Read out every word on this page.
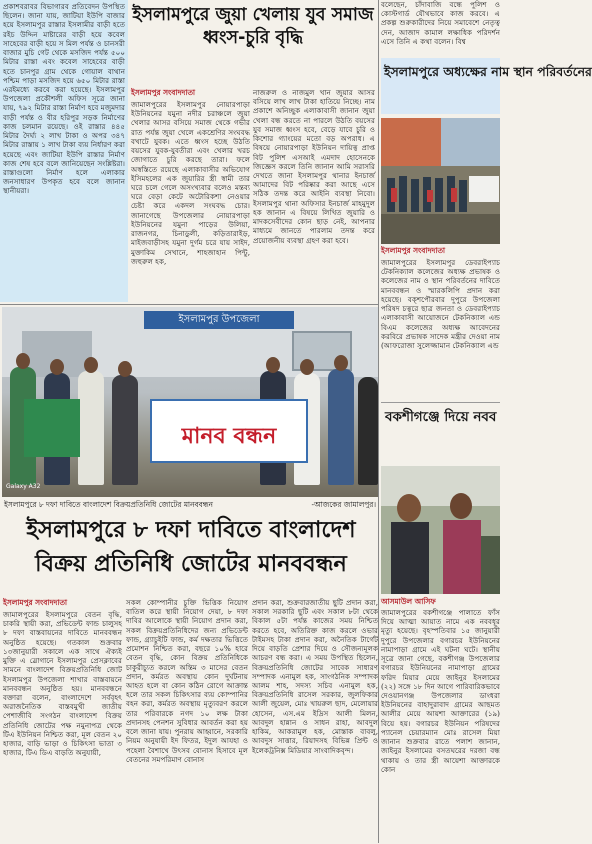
প্রকাশবরাবর বিভাগারব প্রতিবেদন উপস্থিত ছিলেন। জানা যায়, জাটিয়া ইউপি বাজার হয়ে ইসলামপুর রাস্তার ইসলামীর বাড়ী হতে রইচ উদ্দিন মাষ্টারের বাড়ী হয়ে কবেল সাহেবের বাড়ী হয়ে স মিল পর্যন্ত ও চানসরী বাজার মুচি গেট থেকে মসজিদ পর্যন্ত ৫০০ মিটার রাস্তা এবং কবেল সাহেবের বাড়ী হতে চানপুর গ্রাম থেকে গোয়াল বাথান পশ্চিম পাড়া মসজিদ হয়ে ৬৫০ মিটার রাস্তা এরইমধ্যে করবে করা হয়েছে। ইসলামপুর উপজেলা প্রকৌশলী অফিস সূত্রে জানা যায়, ৭৯২ মিটার রাস্তা নির্মাণ হবে মজুমদার বাড়ী পর্যন্ত ও বীর হরিপুর সড়ক নির্মাণের কাজ চলমান রয়েছে। ওই রাস্তার ৪৪৫ মিটার দৈর্ঘ্য ২ লাখ টাকা ও অপর ৩৪৭ মিটার রাস্তায় ১ লাখ টাকা ব্যয় নির্ধারণ করা হয়েছে এবং জাটিয়া ইউপি রাস্তার নির্মাণ কাজ শেষ হবে বলে জানিয়েছেন সংশ্লিষ্টরা। রাস্তাগুলো নির্মাণ হলে এলাকার জনসাধারণ উপকৃত হবে বলে জানান স্থানীয়রা।
ইসলামপুরে জুয়া খেলায় যুব সমাজ ধ্বংস-চুরি বৃদ্ধি
ইসলামপুর সংবাদদাতা
জামালপুরের ইসলামপুর নোয়ারপাড়া ইউনিয়নের যমুনা নদীর চরাঞ্চলে জুয়া খেলার আসর বসিয়ে সমাজ থেকে গভীর রাত পর্যন্ত জুয়া খেলে একশ্রেণির সংঘবদ্ধ বখাটে যুবক। এতে ধ্বংস হচ্ছে উঠতি বয়সের যুবক-যুবতীরা এবং খেলার খরচ জোগাতে চুরি করছে তারা। ফলে অস্বস্তিতে রয়েছে এলাকাবাসীর অভিযোগ ইসিমহলের এক জুয়ারির স্ত্রী স্বামী তার ঘরে চলে গেলে অসংখ্যবার বলেও মন্তব্য ঘরে বেড়া কেটে অটোরিকশা নেওয়ার চেষ্টা করে একদল সংঘবদ্ধ চোর। জানাগেছে উপজেলার নোয়ারপাড়া ইউনিয়নের যমুনা পাড়ের উলিয়া, রাজনগর, চিনাডুলী, কড়িতারাইড়, মাইজবাড়ীসহ যমুনা দুর্গম চরে যায় সাইদ, মুক্তাকিম সেখানে, শাহজাহান পিন্টু, জহুরুল হক,
নাজরুল ও নাজমুল খান জুয়ার আসর বসিয়ে লাখ লাখ টাকা হাতিয়ে নিচ্ছে। নাম প্রকাশে অনিচ্ছুক এলাকাবাসী জানান জুয়া খেলা বন্ধ করতে না পারলে উঠতি বয়সের যুব সমাজ ধ্বংস হবে, বেড়ে যাবে চুরি ও কিশোর গ্যাংয়ের মতো বড় অপরাধ। এ বিষয়ে নোয়ারপাড়া ইউনিয়ন দায়িত্ব প্রাপ্ত বিট পুলিশ এসআই এমদাদ হোসেনকে জিজ্ঞেস করলে তিনি জানান আমি সরাসরি দেখতে জানা ইসলামপুর থানার ইনচার্জ আমাদের বিট পরিষ্কার করা আছে এসে সঠিক তদন্ত করে আইনি ব্যবস্থা নিবো। ইসলামপুর থানা অফিসার ইনচার্জ মাহমুদুল হক জানান এ বিষয়ে লিখিত জুয়ারি ও মাদকসেবীদের কোন ছাড় নেই, আপনার মাধ্যমে জানতে পারলাম তদন্ত করে প্রয়োজনীয় ব্যবস্থা গ্রহণ করা হবে।
বলেছেন, চাঁদাবাজি বন্ধে পুলিশ ও কোস্টগার্ড যৌথভাবে কাজ করবে। এ প্রকল্প শুরুকারীদের নিয়ে সমাবেশে নেতৃত্ব দেন, আজাদ কামাল লক্ষাধিক পরিদর্শন এসে তিনি এ কথা বলেন। বিশ্ব
ইসলামপুরে অধ্যক্ষের নাম স্থান পরিবর্তনের
ইসলামপুর সংবাদদাতা
জামালপুরের ইসলামপুর ডেবরাইপ্যাচ টেকনিক্যাল কলেজের অধ্যক্ষ প্রভাষক ও কলেজের নাম ও স্থান পরিবর্তনের দাবিতে মানববন্ধন ও স্মারকলিপি প্রদান করা হয়েছে। বক্শপৌরবার দুপুরে উপজেলা পরিষদ চত্বরে ছাত্র জনতা ও ডেবরাইপ্যাচ এলাকাবাসী আয়োজনে টেকনিক্যাল এন্ড বিএম কলেজের অধ্যক্ষ আবেদনের করবিরে প্রভাষক সাদেক মন্ত্রীর দেওয়া নাম (আফরোজা সুলেজ্জামান টেকনিক্যাল এন্ড
বকশীগঞ্জে দিয়ে নবব
আসমাউল আসিফ
জামালপুরের বকশীগঞ্জে পালাতে ফাঁস দিয়ে আত্মা আয়াত নামে এক নববধূর মৃত্যু হয়েছে। বৃহস্পতিবার ১৫ জানুয়ারী দুপুরে উপজেলার বগারচর ইউনিয়নের নামাপাড়া গ্রামে এই ঘটনা ঘটে। স্থানীয় সূত্রে জানা গেছে, বকশীগঞ্জ উপজেলার বগারচর ইউনিয়নের নামাপাড়া গ্রামের ফরিদ মিয়ার মেয়ে জাইনুর ইসলামের (২২) সঙ্গে ১৮ দিন আগে পারিবারিকভাবে দেওয়ানগঞ্জ উপজেলার ডাংধরা ইউনিয়নের বাহাদুরাবাদ গ্রামের আছমত আলীর মেয়ে আয়শা আক্তারের (১৯) বিয়ে হয়। বগারচর ইউনিয়ন পরিষদের প্যানেল চেয়ারম্যান মোঃ রাসেল মিয়া জানান শুক্রবার রাতে পলাশ জানান, জাইনুর ইসলামের বসতঘরের দরজা বন্ধ থাকায় ও তার স্ত্রী আয়েশা আক্তারকে কোন
ইসলামপুর উপজেলা
মানব বন্ধন
Galaxy A32
ইসলামপুরে ৮ দফা দাবিতে বাংলাদেশ বিক্রয়প্রতিনিধি জোটের মানববন্ধন	-আজকের জামালপুর।
ইসলামপুরে ৮ দফা দাবিতে বাংলাদেশ বিক্রয় প্রতিনিধি জোটের মানববন্ধন
ইসলামপুর সংবাদদাতা
জামালপুরের ইসলামপুরে বেতন বৃদ্ধি, চাকরি স্থায়ী করা, প্রভিডেন্ট ফান্ড চালুসহ ৮ দফা বাস্তবায়নের দাবিতে মানববন্ধন অনুষ্ঠিত হয়েছে। গতকাল শুক্রবার ১৩জানুয়ারী সকালে এক সাথে ঐক্যই মুক্তি এ স্লোগানে ইসলামপুর প্রেসক্লাবের সামনে বাংলাদেশ বিক্রয়প্রতিনিধি জোট ইসলামপুর উপজেলা শাখার বাস্তবায়নে মানববন্ধন অনুষ্ঠিত হয়। মানববন্ধনে বক্তারা বলেন, বাংলাদেশে সর্ববৃহৎ অরাজনৈতিক বাস্তবমুখী জাতীয় পেশাজীবি সংগঠন বাংলাদেশ বিক্রয় প্রতিনিধি জোটের পক্ষ নমুনাপত্র থেকে টিএ ইউনিয়ন নিশ্চিত করা, মূল বেতন ২০ হাজার, বাড়ি ভাড়া ও চিকিৎসা ভাতা ৩ হাজার, টিএ ডিএ বাড়তি অনুযায়ী,
সকল কোম্পানীর চুক্তি ভিত্তিক নিয়োগ বাতিল করে স্থায়ী নিয়োগ দেয়া, ৮ দফা দাবির আলোকে স্থায়ী নিয়োগ প্রদান করা, সকল বিক্রয়প্রতিনিধিদের জন্য প্রভিডেন্ট ফান্ড, গ্র্যাচুইটি ফান্ড, কর্ম দক্ষতার ভিত্তিতে প্রমোশন নিশ্চিত করা, বছরে ১০% হারে বেতন বৃদ্ধি, কোন বিক্রয় প্রতিনিধিকে চাকুরীচ্যুত করলে অন্তিম ৩ মাসের বেতন প্রদান, কর্মরত অবস্থায় কোন দুর্ঘটনায় আহত হলে বা কোন কঠিন রোগে আক্রান্ত হলে তার সকল চিকিৎসার ব্যয় কোম্পানির বহন করা, কর্মরত অবস্থায় মৃত্যুবরণ করলে তার পরিবারকে নগদ ১০ লক্ষ টাকা প্রদানসহ পেনশন সুবিধার আবর্তন করা হয় বলে জানা যায়। পুনরায় আহ্বানে, সরকারি নিয়ম অনুযায়ী ইদ ফিতর, ইদুল আযহা ও পহেলা বৈশাখে উৎসব বোনাস হিসাবে মূল বেতনের সমপরিমাণ বোনাস
প্রদান করা, শুক্রবারজাতীয় ছুটি প্রদান করা, সকাল সরকারি ছুটি এবং সকাল ৮টা থেকে বিকাল ৫টা পর্যন্ত কাজের সময় নিশ্চিত করতে হবে, অতিরিক্ত কাজ করলে ওভার টাইমসহ টাকা প্রদান করা, অনৈতিক টার্গেট দিয়ে বাড়তি প্রেশার দিয়ে ও সৌজন্যমূলক আচরণ বন্ধ করা। এ সময় উপস্থিত ছিলেন, বিক্রয়প্রতিনিধি জোটের সাবেক সাধারণ সম্পাদক এনামুল হক, সাংগঠনিক সম্পাদক আলম শাহ, সদস্য সচিব এনামুল হক, বিক্রয়প্রতিনিধি রাসেল সরকার, জুলফিকার আলী জুয়েল, মোঃ খায়রুল ছাদ, মেলোয়ার হোসেন, এস.এম ইদ্রিস আলী মিলন, আবদুল হান্নান ও সাধন রাহা, আবদুল হাকিম, আকরামুল হক, মোস্তাক বাবলু, আবদুস সাত্তার, রিয়াদসহ বিভিন্ন প্রিন্ট ও ইলেকট্রনিক্স মিডিয়ার সাংবাদিকবৃন্দ।
